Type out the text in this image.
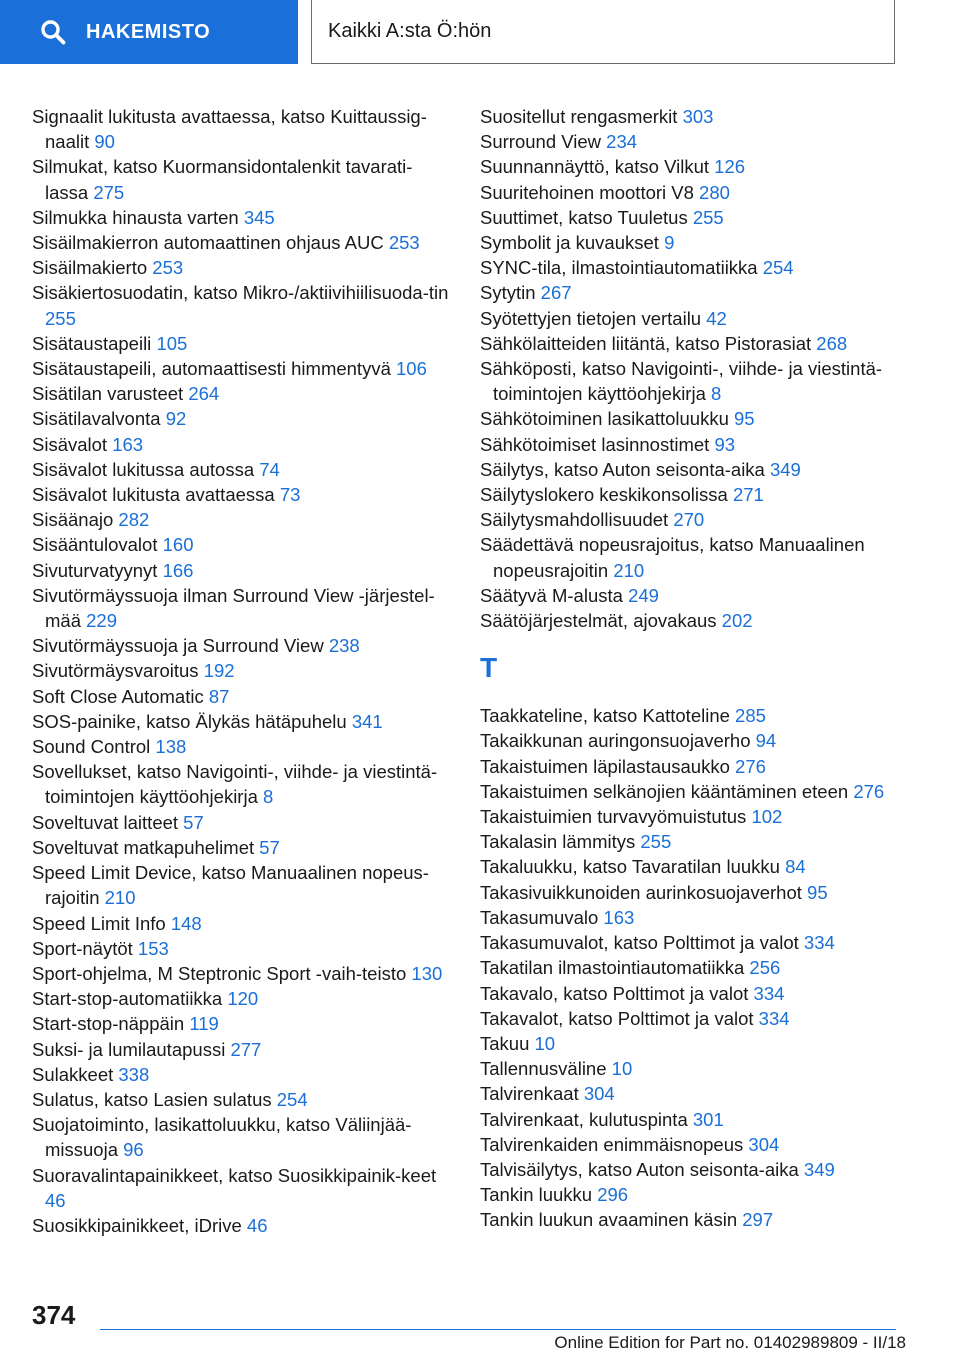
HAKEMISTO	Kaikki A:sta Ö:hön
Signaalit lukitusta avattaessa, katso Kuittaussig‐naalit 90
Silmukat, katso Kuormansidontalenkit tavarati‐lassa 275
Silmukka hinausta varten 345
Sisäilmakierron automaattinen ohjaus AUC 253
Sisäilmakierto 253
Sisäkiertosuodatin, katso Mikro-/aktiivihiilisuoda‐tin 255
Sisätaustapeili 105
Sisätaustapeili, automaattisesti himmentyvä 106
Sisätilan varusteet 264
Sisätilavalvonta 92
Sisävalot 163
Sisävalot lukitussa autossa 74
Sisävalot lukitusta avattaessa 73
Sisäänajo 282
Sisääntulovalot 160
Sivuturvatyynyt 166
Sivutörmäyssuoja ilman Surround View -järjestel‐mää 229
Sivutörmäyssuoja ja Surround View 238
Sivutörmäysvaroitus 192
Soft Close Automatic 87
SOS-painike, katso Älykäs hätäpuhelu 341
Sound Control 138
Sovellukset, katso Navigointi-, viihde- ja viestintä‐toimintojen käyttöohjekirja 8
Soveltuvat laitteet 57
Soveltuvat matkapuhelimet 57
Speed Limit Device, katso Manuaalinen nopeus‐rajoitin 210
Speed Limit Info 148
Sport-näytöt 153
Sport-ohjelma, M Steptronic Sport -vaih‐teisto 130
Start-stop-automatiikka 120
Start-stop-näppäin 119
Suksi- ja lumilautapussi 277
Sulakkeet 338
Sulatus, katso Lasien sulatus 254
Suojatoiminto, lasikattoluukku, katso Väliinjää‐missuoja 96
Suoravalintapainikkeet, katso Suosikkipainik‐keet 46
Suosikkipainikkeet, iDrive 46
Suositellut rengasmerkit 303
Surround View 234
Suunnannäyttö, katso Vilkut 126
Suuritehoinen moottori V8 280
Suuttimet, katso Tuuletus 255
Symbolit ja kuvaukset 9
SYNC-tila, ilmastointiautomatiikka 254
Sytytin 267
Syötettyjen tietojen vertailu 42
Sähkölaitteiden liitäntä, katso Pistorasiat 268
Sähköposti, katso Navigointi-, viihde- ja viestintä‐toimintojen käyttöohjekirja 8
Sähkötoiminen lasikattoluukku 95
Sähkötoimiset lasinnostimet 93
Säilytys, katso Auton seisonta-aika 349
Säilytyslokero keskikonsolissa 271
Säilytysmahdollisuudet 270
Säädettävä nopeusrajoitus, katso Manuaalinen nopeusrajoitin 210
Säätyvä M-alusta 249
Säätöjärjestelmät, ajovakaus 202
T
Taakkateline, katso Kattoteline 285
Takaikkunan auringonsuojaverho 94
Takaistuimen läpilastausaukko 276
Takaistuimen selkänojien kääntäminen eteen 276
Takaistuimien turvavyömuistutus 102
Takalasin lämmitys 255
Takaluukku, katso Tavaratilan luukku 84
Takasivuikkunoiden aurinkosuojaverhot 95
Takasumuvalo 163
Takasumuvalot, katso Polttimot ja valot 334
Takatilan ilmastointiautomatiikka 256
Takavalo, katso Polttimot ja valot 334
Takavalot, katso Polttimot ja valot 334
Takuu 10
Tallennusväline 10
Talvirenkaat 304
Talvirenkaat, kulutuspinta 301
Talvirenkaiden enimmäisnopeus 304
Talvisäilytys, katso Auton seisonta-aika 349
Tankin luukku 296
Tankin luukun avaaminen käsin 297
374
Online Edition for Part no. 01402989809 - II/18
